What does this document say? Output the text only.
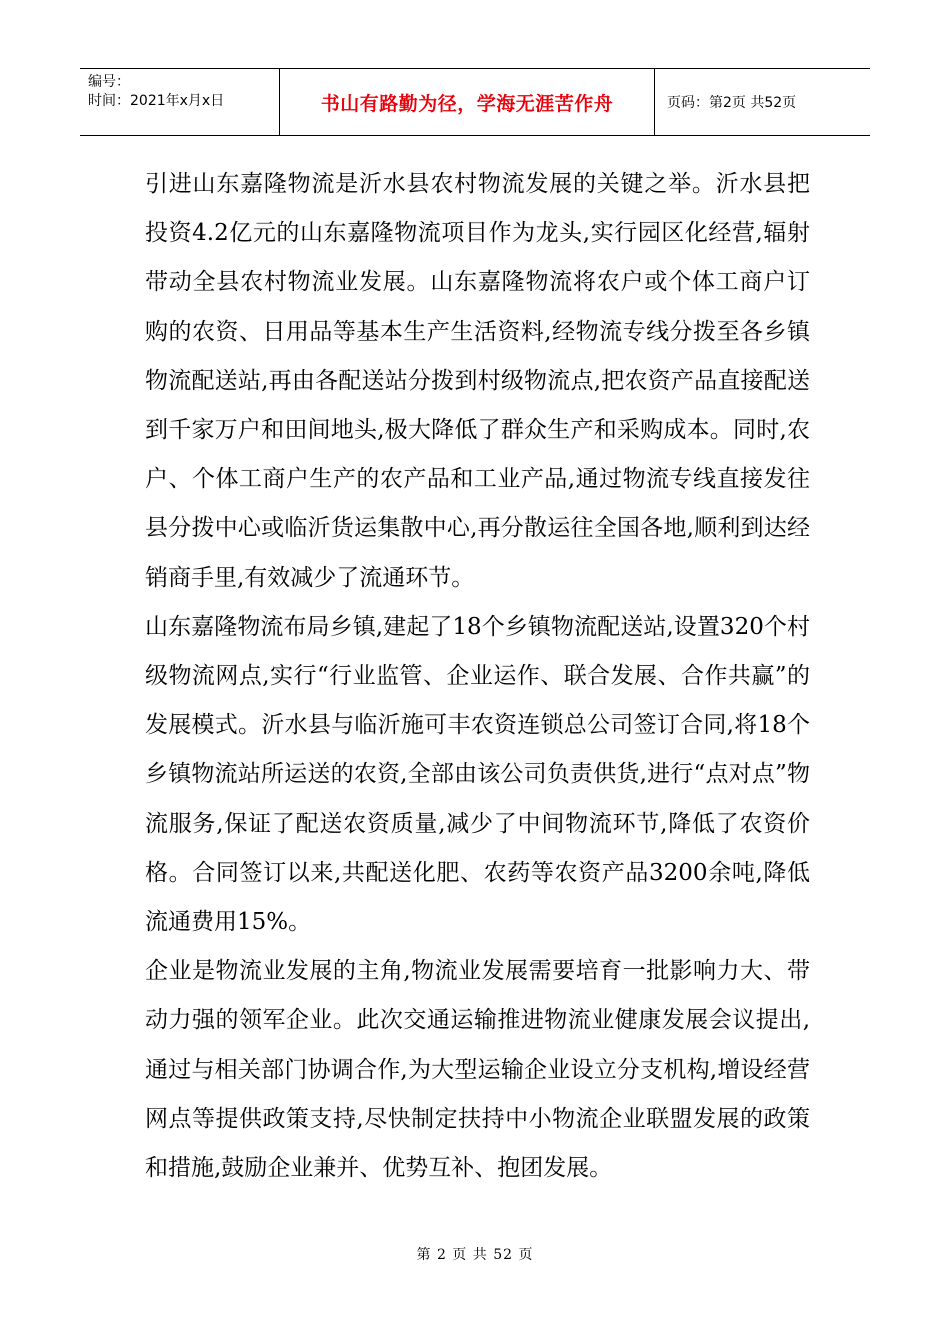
编号：
时间：2021年x月x日	书山有路勤为径，学海无涯苦作舟	页码：第2页 共52页

引进山东嘉隆物流是沂水县农村物流发展的关键之举。沂水县把投资4.2亿元的山东嘉隆物流项目作为龙头,实行园区化经营,辐射带动全县农村物流业发展。山东嘉隆物流将农户或个体工商户订购的农资、日用品等基本生产生活资料,经物流专线分拨至各乡镇物流配送站,再由各配送站分拨到村级物流点,把农资产品直接配送到千家万户和田间地头,极大降低了群众生产和采购成本。同时,农户、个体工商户生产的农产品和工业产品,通过物流专线直接发往县分拨中心或临沂货运集散中心,再分散运往全国各地,顺利到达经销商手里,有效减少了流通环节。

山东嘉隆物流布局乡镇,建起了18个乡镇物流配送站,设置320个村级物流网点,实行“行业监管、企业运作、联合发展、合作共赢”的发展模式。沂水县与临沂施可丰农资连锁总公司签订合同,将18个乡镇物流站所运送的农资,全部由该公司负责供货,进行“点对点”物流服务,保证了配送农资质量,减少了中间物流环节,降低了农资价格。合同签订以来,共配送化肥、农药等农资产品3200余吨,降低流通费用15%。

企业是物流业发展的主角,物流业发展需要培育一批影响力大、带动力强的领军企业。此次交通运输推进物流业健康发展会议提出,通过与相关部门协调合作,为大型运输企业设立分支机构,增设经营网点等提供政策支持,尽快制定扶持中小物流企业联盟发展的政策和措施,鼓励企业兼并、优势互补、抱团发展。

第 2 页 共 52 页
